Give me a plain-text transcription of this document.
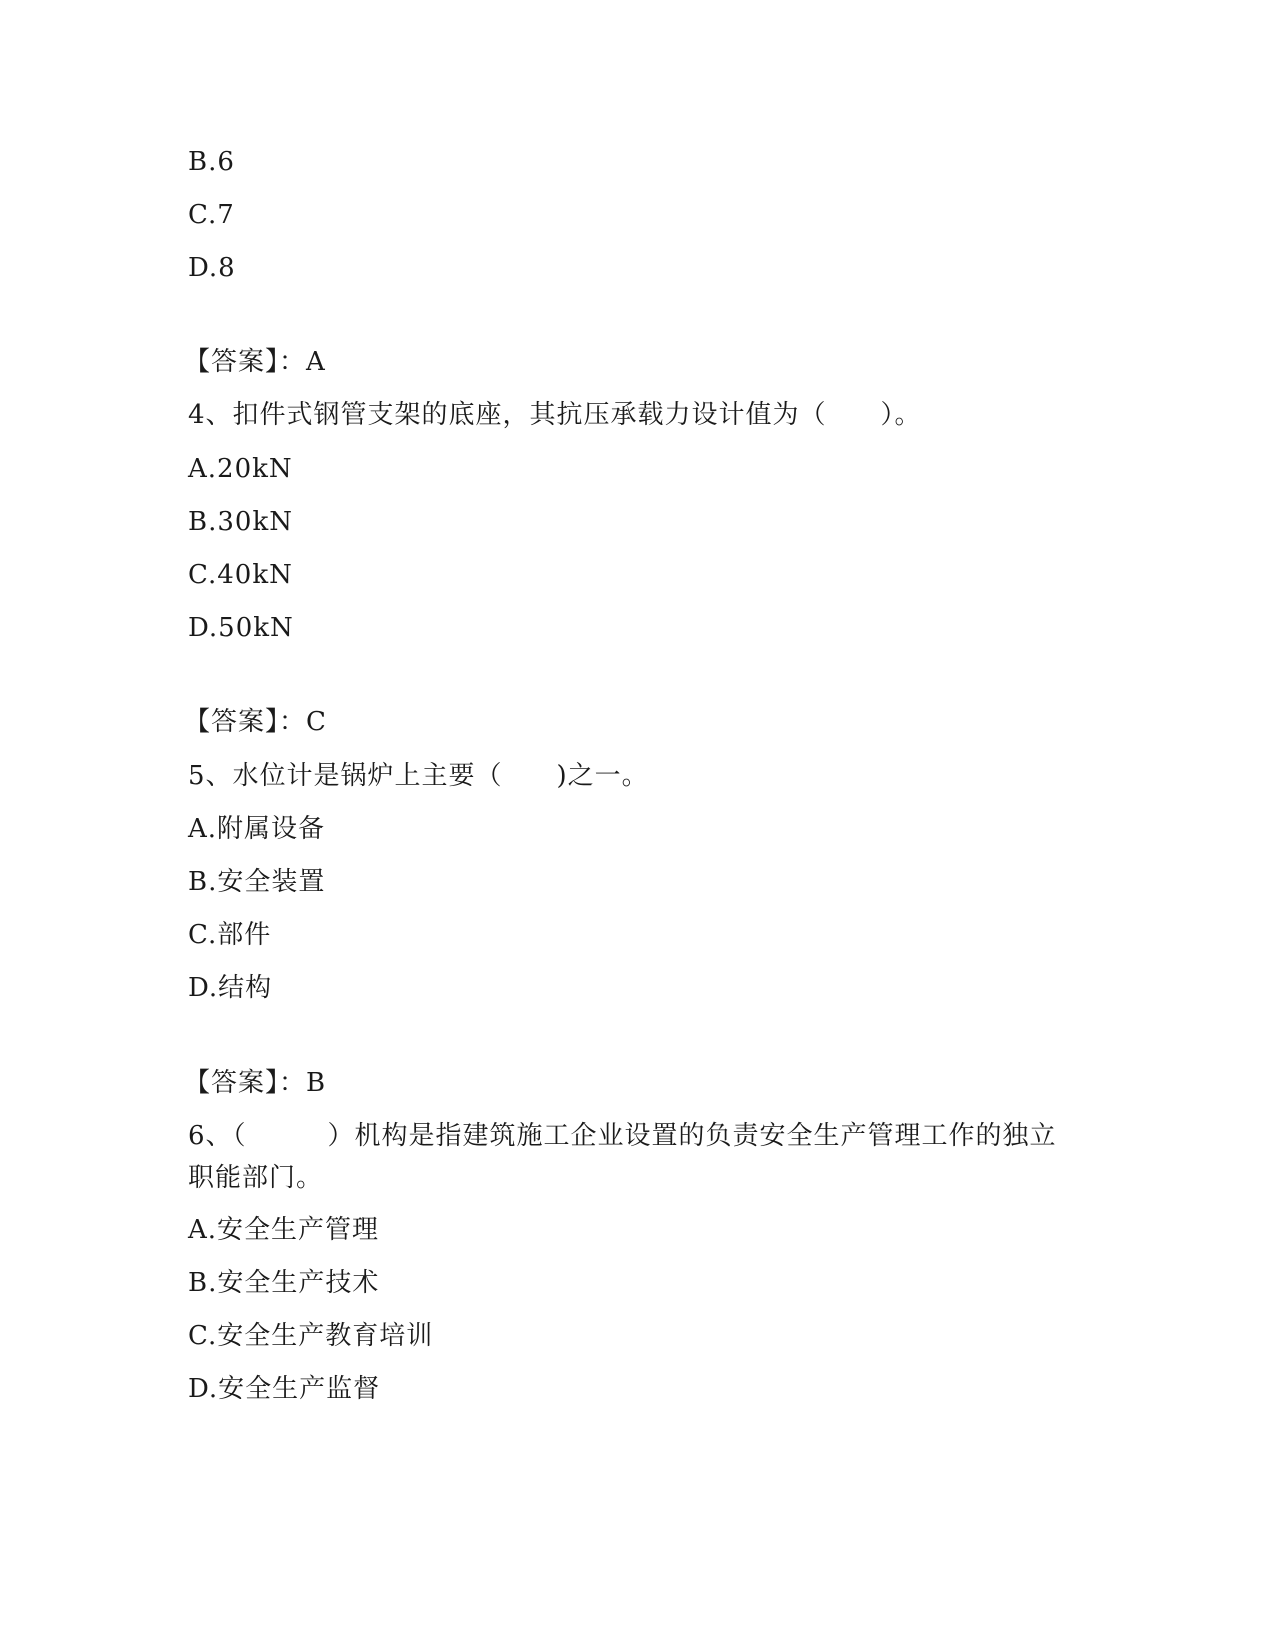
B.6
C.7
D.8
【答案】：A
4、扣件式钢管支架的底座，其抗压承载力设计值为（　　）。
A.20kN
B.30kN
C.40kN
D.50kN
【答案】：C
5、水位计是锅炉上主要（　　)之一。
A.附属设备
B.安全装置
C.部件
D.结构
【答案】：B
6、（　　　）机构是指建筑施工企业设置的负责安全生产管理工作的独立职能部门。
A.安全生产管理
B.安全生产技术
C.安全生产教育培训
D.安全生产监督
